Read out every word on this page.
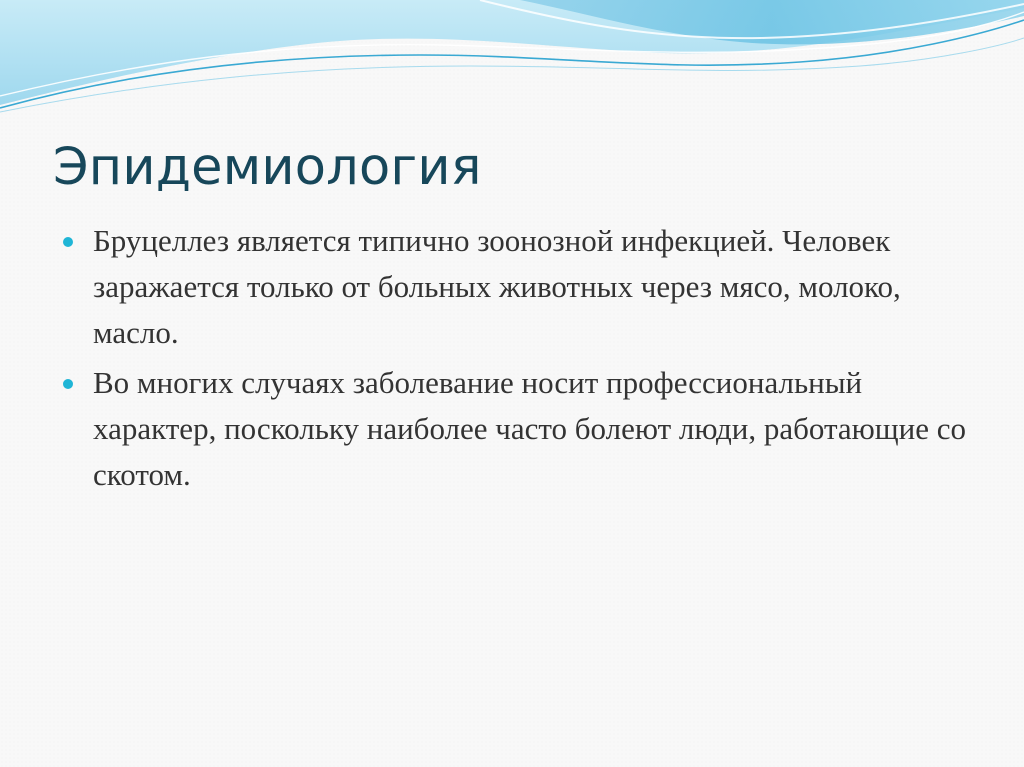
Эпидемиология
Бруцеллез является типично зоонозной инфекцией. Человек заражается только от больных животных через мясо, молоко, масло.
Во многих случаях заболевание носит профессиональный характер, поскольку наиболее часто болеют люди, работающие со скотом.
